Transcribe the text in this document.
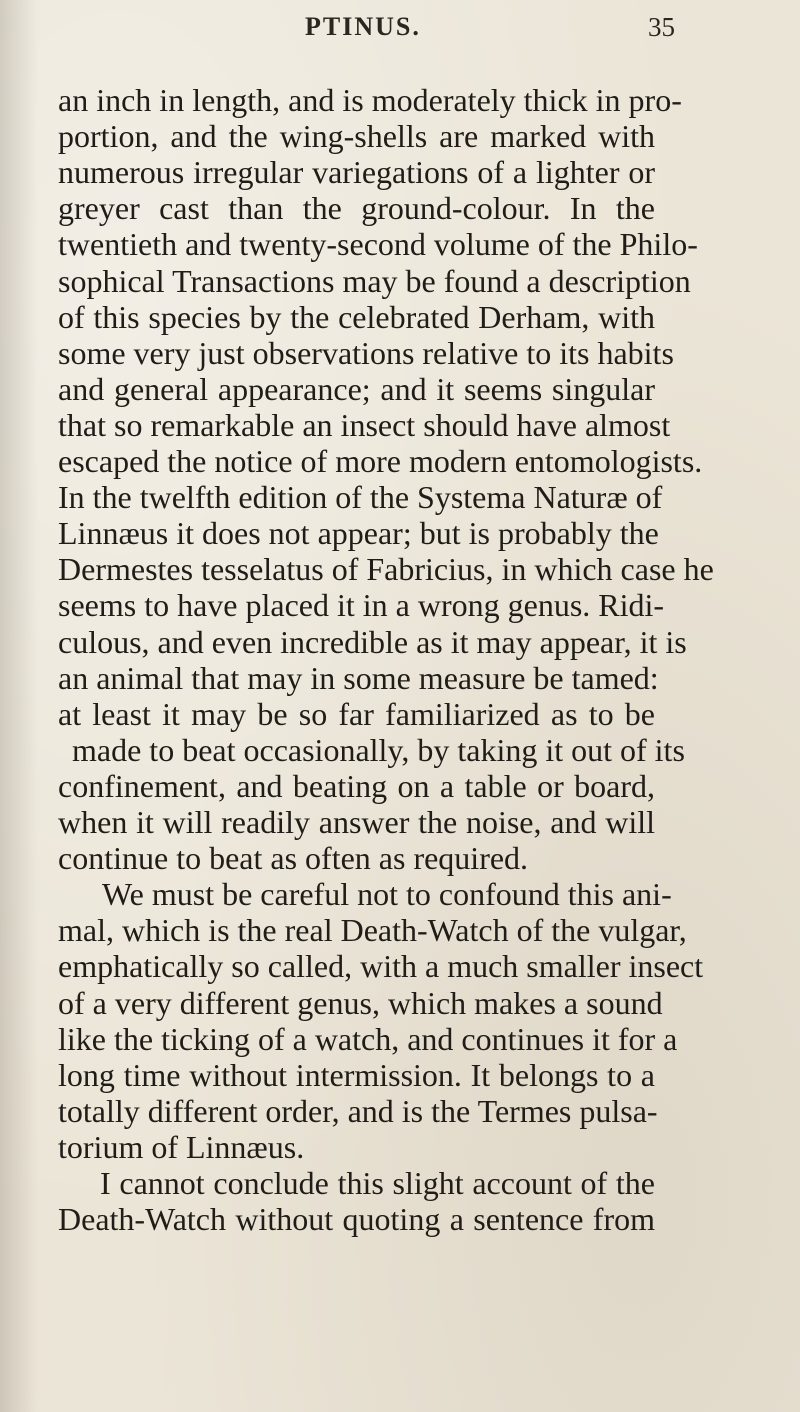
PTINUS.	35
an inch in length, and is moderately thick in pro-
portion, and the wing-shells are marked with
numerous irregular variegations of a lighter or
greyer cast than the ground-colour. In the
twentieth and twenty-second volume of the Philo-
sophical Transactions may be found a description
of this species by the celebrated Derham, with
some very just observations relative to its habits
and general appearance; and it seems singular
that so remarkable an insect should have almost
escaped the notice of more modern entomologists.
In the twelfth edition of the Systema Naturæ of
Linnæus it does not appear; but is probably the
Dermestes tesselatus of Fabricius, in which case he
seems to have placed it in a wrong genus. Ridi-
culous, and even incredible as it may appear, it is
an animal that may in some measure be tamed:
at least it may be so far familiarized as to be
made to beat occasionally, by taking it out of its
confinement, and beating on a table or board,
when it will readily answer the noise, and will
continue to beat as often as required.
We must be careful not to confound this ani-
mal, which is the real Death-Watch of the vulgar,
emphatically so called, with a much smaller insect
of a very different genus, which makes a sound
like the ticking of a watch, and continues it for a
long time without intermission. It belongs to a
totally different order, and is the Termes pulsa-
torium of Linnæus.
I cannot conclude this slight account of the
Death-Watch without quoting a sentence from
